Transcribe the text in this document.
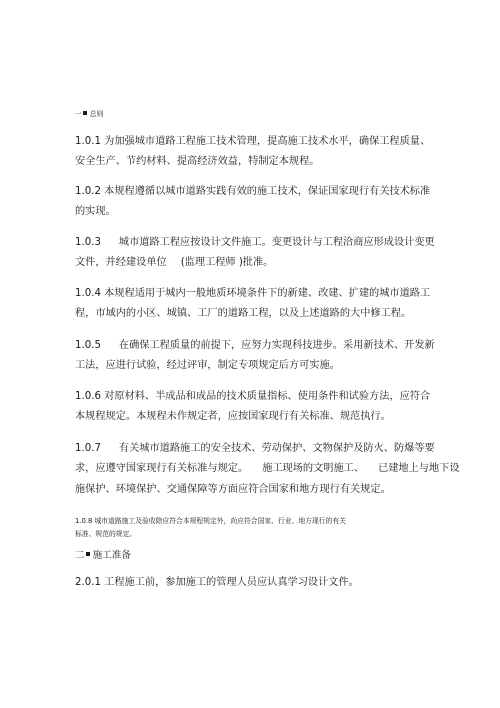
一 总则
1.0.1 为加强城市道路工程施工技术管理，提高施工技术水平，确保工程质量、
安全生产、节约材料、提高经济效益，特制定本规程。
1.0.2 本规程遵循以城市道路实践有效的施工技术，保证国家现行有关技术标准
的实现。
1.0.3 城市道路工程应按设计文件施工。变更设计与工程洽商应形成设计变更
文件，并经建设单位 (监理工程师 )批准。
1.0.4 本规程适用于城内一般地质环境条件下的新建、改建、扩建的城市道路工
程，市域内的小区、城镇、工厂的道路工程，以及上述道路的大中修工程。
1.0.5 在确保工程质量的前提下，应努力实现科技进步。采用新技术、开发新
工法，应进行试验，经过评审，制定专项规定后方可实施。
1.0.6 对原材料、半成品和成品的技术质量指标、使用条件和试验方法，应符合
本规程规定。本规程未作规定者，应按国家现行有关标准、规范执行。
1.0.7 有关城市道路施工的安全技术、劳动保护、文物保护及防火、防爆等要
求，应遵守国家现行有关标准与规定。 施工现场的文明施工、 已建地上与地下设
施保护、环境保护、交通保障等方面应符合国家和地方现行有关规定。
1.0.8 城市道路施工及验收除应符合本规程规定外，尚应符合国家、行业、地方现行的有关
标准、规范的规定。
二 施工准备
2.0.1 工程施工前，参加施工的管理人员应认真学习设计文件。
